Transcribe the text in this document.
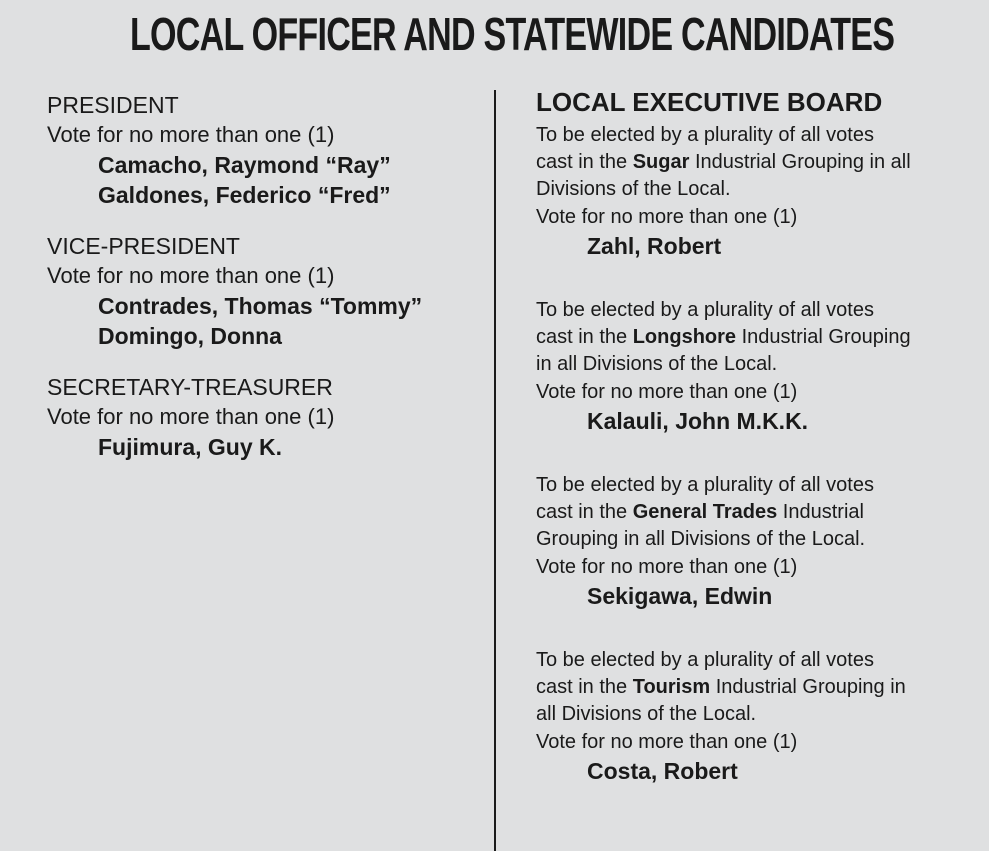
LOCAL OFFICER AND STATEWIDE CANDIDATES
PRESIDENT
Vote for no more than one (1)
Camacho, Raymond “Ray”
Galdones, Federico “Fred”
VICE-PRESIDENT
Vote for no more than one (1)
Contrades, Thomas “Tommy”
Domingo, Donna
SECRETARY-TREASURER
Vote for no more than one (1)
Fujimura, Guy K.
LOCAL EXECUTIVE BOARD
To be elected by a plurality of all votes
cast in the Sugar Industrial Grouping in all
Divisions of the Local.
Vote for no more than one (1)
Zahl, Robert
To be elected by a plurality of all votes
cast in the Longshore Industrial Grouping
in all Divisions of the Local.
Vote for no more than one (1)
Kalauli, John M.K.K.
To be elected by a plurality of all votes
cast in the General Trades Industrial
Grouping in all Divisions of the Local.
Vote for no more than one (1)
Sekigawa, Edwin
To be elected by a plurality of all votes
cast in the Tourism Industrial Grouping in
all Divisions of the Local.
Vote for no more than one (1)
Costa, Robert
